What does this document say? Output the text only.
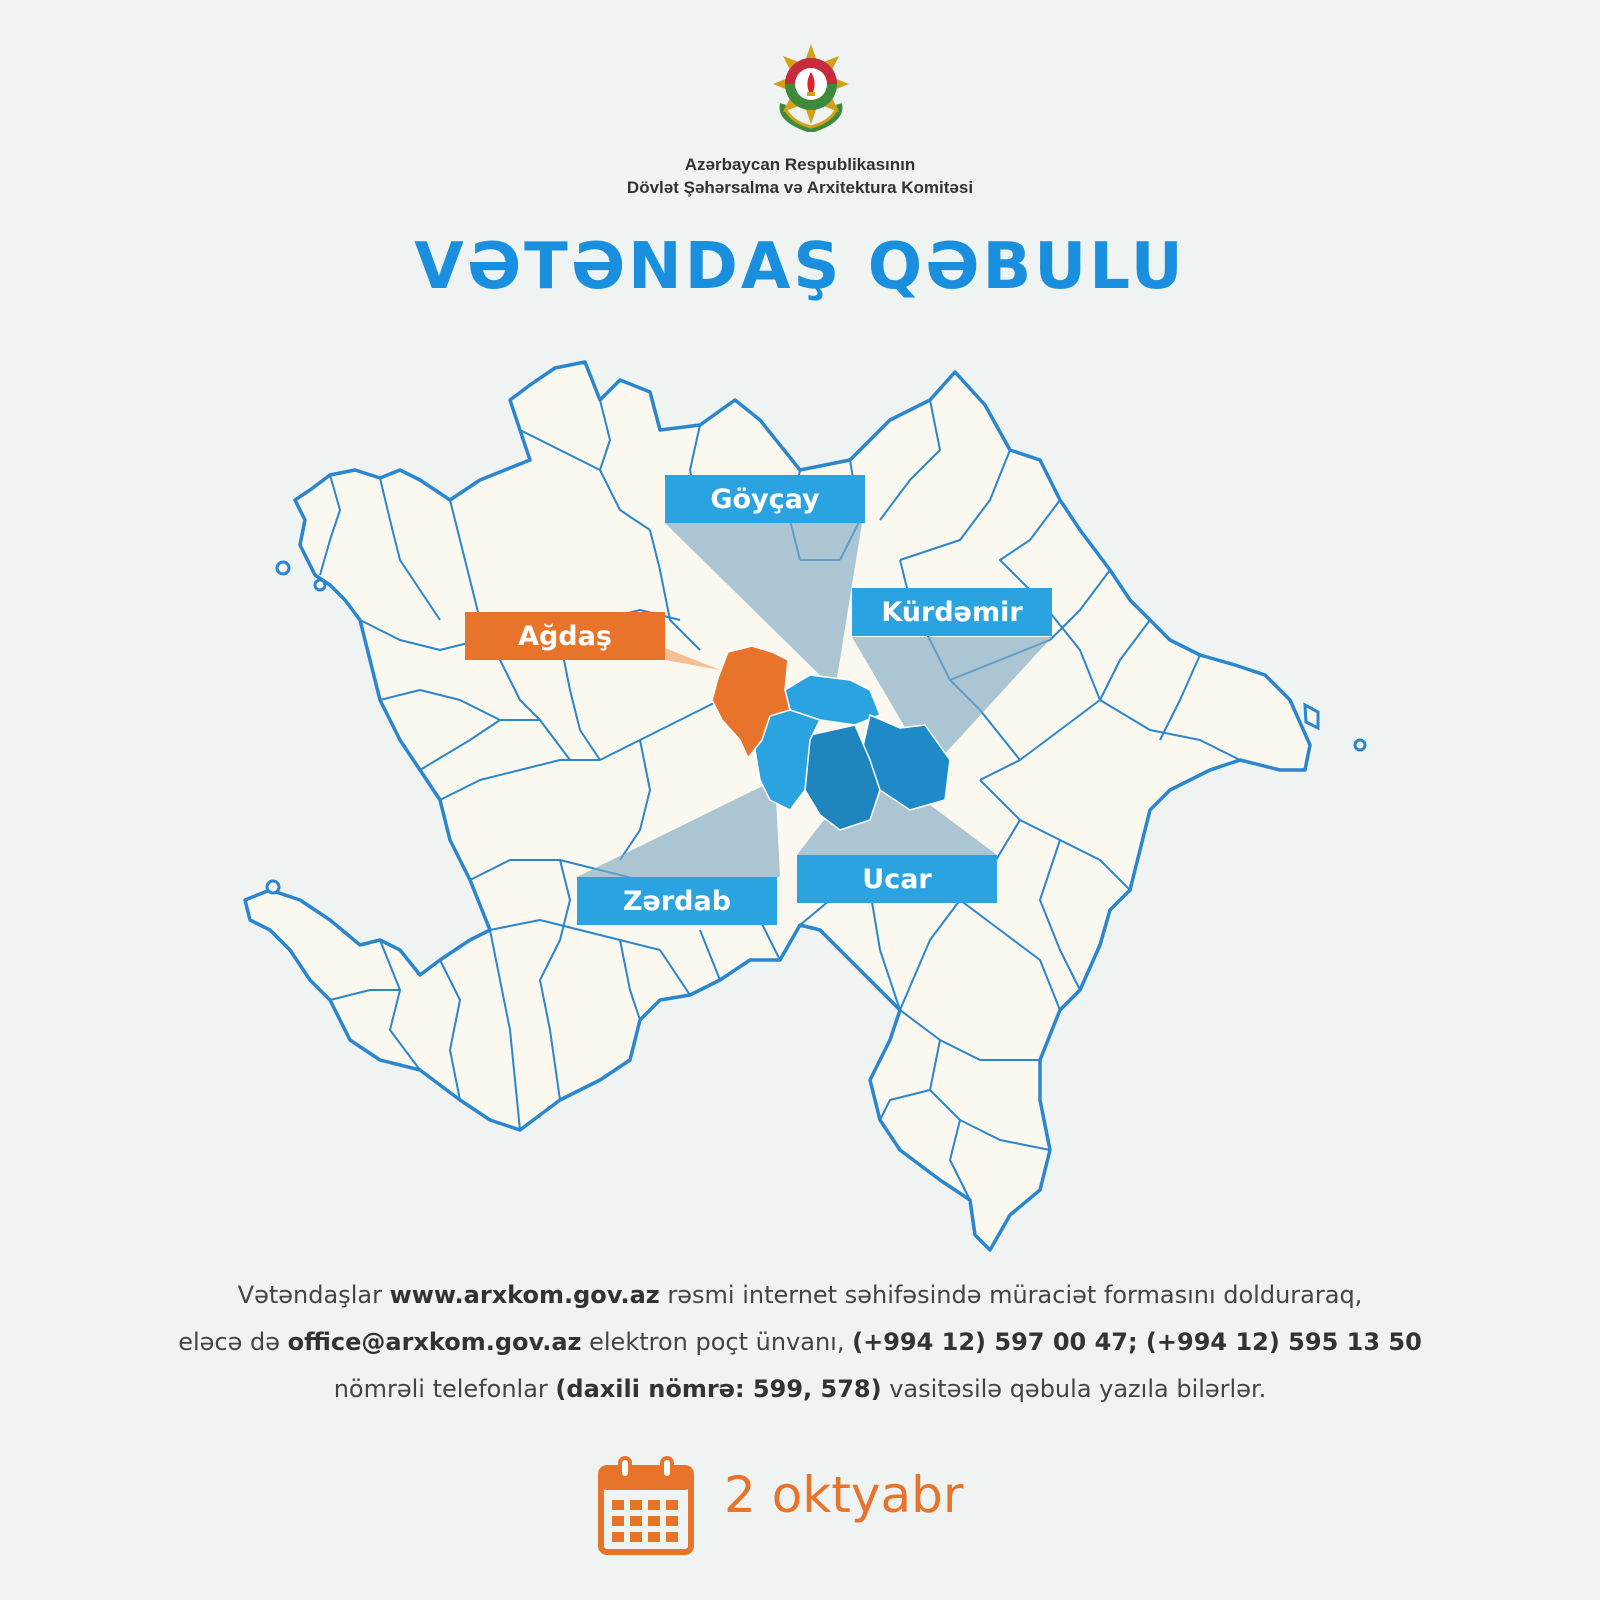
Azərbaycan Respublikasının
Dövlət Şəhərsalma və Arxitektura Komitəsi
VƏTƏNDAŞ QƏBULU
Göyçay
Kürdəmir
Ağdaş
Zərdab
Ucar
Vətəndaşlar www.arxkom.gov.az rəsmi internet səhifəsində müraciət formasını dolduraraq,
eləcə də office@arxkom.gov.az elektron poçt ünvanı, (+994 12) 597 00 47; (+994 12) 595 13 50
nömrəli telefonlar (daxili nömrə: 599, 578) vasitəsilə qəbula yazıla bilərlər.
2 oktyabr
